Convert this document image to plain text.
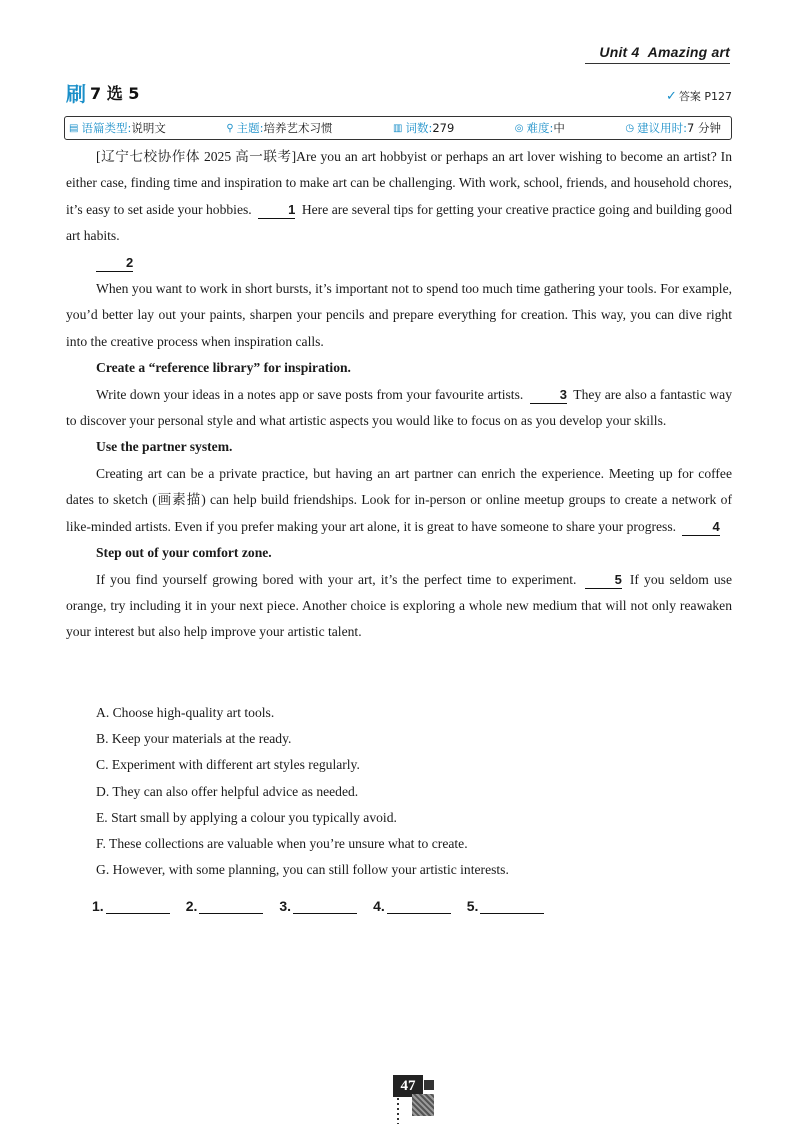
Unit 4 Amazing art
刷 7 选 5	✓ 答案 P127
▤ 语篇类型: 说明文	⚲ 主题: 培养艺术习惯	▥ 词数: 279	◎ 难度: 中	◷ 建议用时: 7 分钟

[辽宁七校协作体 2025 高一联考]Are you an art hobbyist or perhaps an art lover wishing to become an artist? In either case, finding time and inspiration to make art can be challenging. With work, school, friends, and household chores, it’s easy to set aside your hobbies.	1 Here are several tips for getting your creative practice going and building good art habits.

2

When you want to work in short bursts, it’s important not to spend too much time gathering your tools. For example, you’d better lay out your paints, sharpen your pencils and prepare everything for creation. This way, you can dive right into the creative process when inspiration calls.

Create a “reference library” for inspiration.

Write down your ideas in a notes app or save posts from your favourite artists.	3 They are also a fantastic way to discover your personal style and what artistic aspects you would like to focus on as you develop your skills.

Use the partner system.

Creating art can be a private practice, but having an art partner can enrich the experience. Meeting up for coffee dates to sketch (画素描) can help build friendships. Look for in-person or online meetup groups to create a network of like-minded artists. Even if you prefer making your art alone, it is great to have someone to share your progress.	4

Step out of your comfort zone.

If you find yourself growing bored with your art, it’s the perfect time to experiment.	5 If you seldom use orange, try including it in your next piece. Another choice is exploring a whole new medium that will not only reawaken your interest but also help improve your artistic talent.

A. Choose high-quality art tools.
B. Keep your materials at the ready.
C. Experiment with different art styles regularly.
D. They can also offer helpful advice as needed.
E. Start small by applying a colour you typically avoid.
F. These collections are valuable when you’re unsure what to create.
G. However, with some planning, you can still follow your artistic interests.
1.	2.	3.	4.	5.
47
